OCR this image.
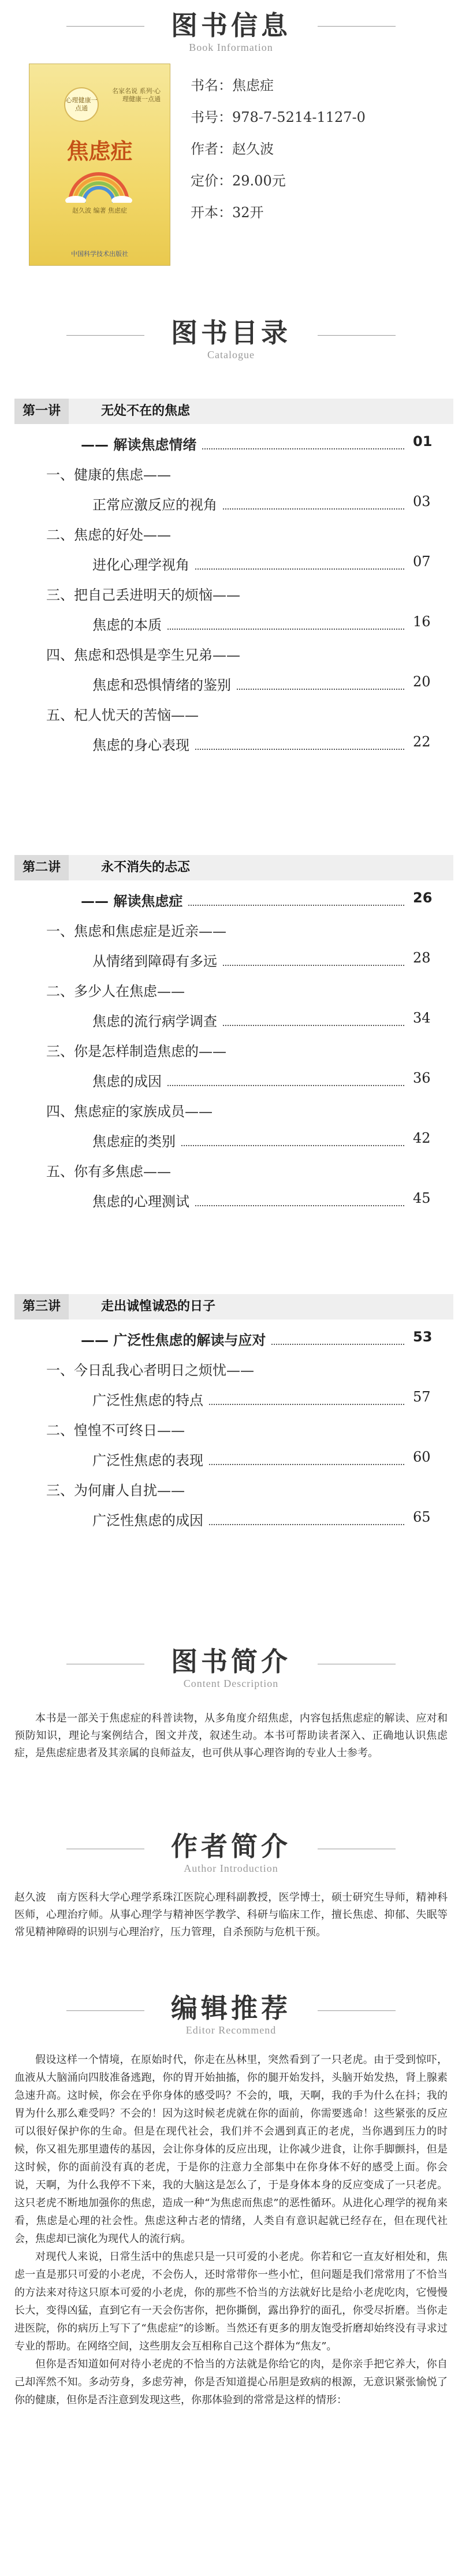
图书信息
Book Information
心理健康一点通
名家名说 系列·心理健康一点通
焦虑症
赵久波 编著 焦虑症
中国科学技术出版社
书名：焦虑症
书号：978-7-5214-1127-0
作者：赵久波
定价：29.00元
开本：32开
图书目录
Catalogue
第一讲	无处不在的焦虑
—— 解读焦虑情绪	01
一、健康的焦虑——
正常应激反应的视角	03
二、焦虑的好处——
进化心理学视角	07
三、把自己丢进明天的烦恼——
焦虑的本质	16
四、焦虑和恐惧是孪生兄弟——
焦虑和恐惧情绪的鉴别	20
五、杞人忧天的苦恼——
焦虑的身心表现	22
第二讲	永不消失的忐忑
—— 解读焦虑症	26
一、焦虑和焦虑症是近亲——
从情绪到障碍有多远	28
二、多少人在焦虑——
焦虑的流行病学调查	34
三、你是怎样制造焦虑的——
焦虑的成因	36
四、焦虑症的家族成员——
焦虑症的类别	42
五、你有多焦虑——
焦虑的心理测试	45
第三讲	走出诚惶诚恐的日子
—— 广泛性焦虑的解读与应对	53
一、今日乱我心者明日之烦忧——
广泛性焦虑的特点	57
二、惶惶不可终日——
广泛性焦虑的表现	60
三、为何庸人自扰——
广泛性焦虑的成因	65
图书简介
Content Description

本书是一部关于焦虑症的科普读物，从多角度介绍焦虑，内容包括焦虑症的解读、应对和预防知识，理论与案例结合，图文并茂，叙述生动。本书可帮助读者深入、正确地认识焦虑症，是焦虑症患者及其亲属的良师益友，也可供从事心理咨询的专业人士参考。

作者简介
Author Introduction

赵久波　南方医科大学心理学系珠江医院心理科副教授，医学博士，硕士研究生导师，精神科医师，心理治疗师。从事心理学与精神医学教学、科研与临床工作，擅长焦虑、抑郁、失眠等常见精神障碍的识别与心理治疗，压力管理，自杀预防与危机干预。

编辑推荐
Editor Recommend

假设这样一个情境，在原始时代，你走在丛林里，突然看到了一只老虎。由于受到惊吓，血液从大脑涌向四肢准备逃跑，你的胃开始抽搐，你的腿开始发抖，头脑开始发热，肾上腺素急速升高。这时候，你会在乎你身体的感受吗？不会的，哦，天啊，我的手为什么在抖；我的胃为什么那么难受吗？不会的！因为这时候老虎就在你的面前，你需要逃命！这些紧张的反应可以很好保护你的生命。但是在现代社会，我们并不会遇到真正的老虎，当你遇到压力的时候，你又祖先那里遗传的基因，会让你身体的反应出现，让你减少进食，让你手脚颤抖，但是这时候，你的面前没有真的老虎，于是你的注意力全部集中在你身体不好的感受上面。你会说，天啊，为什么我停不下来，我的大脑这是怎么了，于是身体本身的反应变成了一只老虎。这只老虎不断地加强你的焦虑，造成一种“为焦虑而焦虑”的恶性循环。从进化心理学的视角来看，焦虑是心理的社会性。焦虑这种古老的情绪，人类自有意识起就已经存在，但在现代社会，焦虑却已演化为现代人的流行病。

对现代人来说，日常生活中的焦虑只是一只可爱的小老虎。你若和它一直友好相处和，焦虑一直是那只可爱的小老虎，不会伤人，还时常带你一些小忙，但问题是我们常常用了不恰当的方法来对待这只原本可爱的小老虎，你的那些不恰当的方法就好比是给小老虎吃肉，它慢慢长大，变得凶猛，直到它有一天会伤害你，把你撕倒，露出狰狞的面孔，你受尽折磨。当你走进医院，你的病历上写下了“焦虑症”的诊断。当然还有更多的朋友饱受折磨却始终没有寻求过专业的帮助。在网络空间，这些朋友会互相称自己这个群体为“焦友”。

但你是否知道如何对待小老虎的不恰当的方法就是你给它的肉，是你亲手把它养大，你自己却浑然不知。多动劳身，多虑劳神，你是否知道提心吊胆是致病的根源，无意识紧张愉悦了你的健康，但你是否注意到发现这些，你那体验到的常常是这样的情形：
